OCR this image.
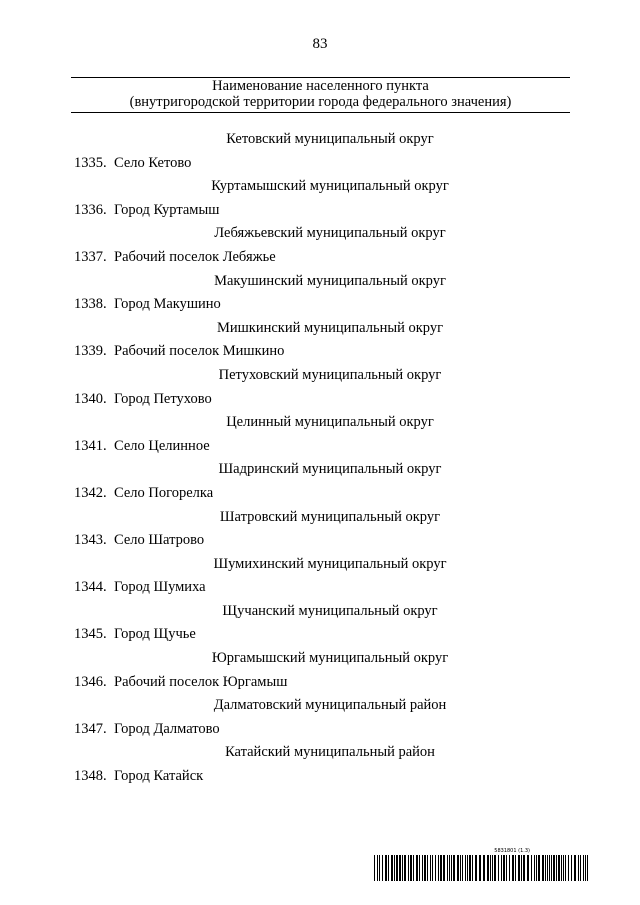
83
Наименование населенного пункта
(внутригородской территории города федерального значения)
Кетовский муниципальный округ
1335. Село Кетово
Куртамышский муниципальный округ
1336. Город Куртамыш
Лебяжьевский муниципальный округ
1337. Рабочий поселок Лебяжье
Макушинский муниципальный округ
1338. Город Макушино
Мишкинский муниципальный округ
1339. Рабочий поселок Мишкино
Петуховский муниципальный округ
1340. Город Петухово
Целинный муниципальный округ
1341. Село Целинное
Шадринский муниципальный округ
1342. Село Погорелка
Шатровский муниципальный округ
1343. Село Шатрово
Шумихинский муниципальный округ
1344. Город Шумиха
Щучанский муниципальный округ
1345. Город Щучье
Юргамышский муниципальный округ
1346. Рабочий поселок Юргамыш
Далматовский муниципальный район
1347. Город Далматово
Катайский муниципальный район
1348. Город Катайск
5831801 (1.3)
